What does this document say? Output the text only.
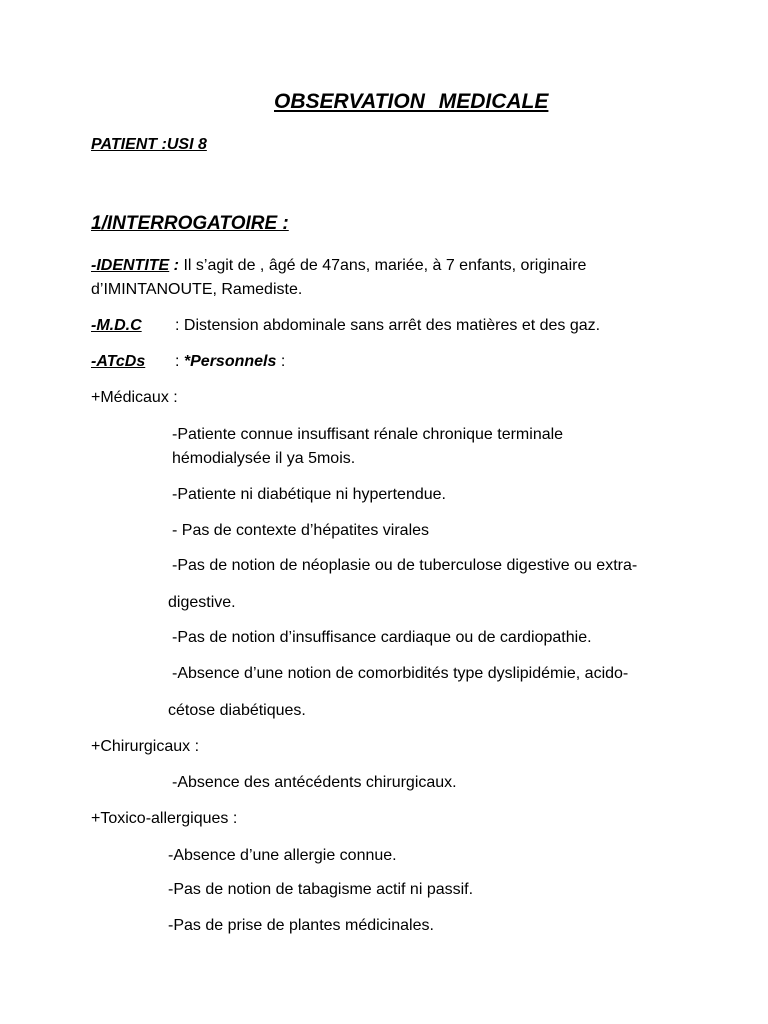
OBSERVATION MEDICALE
PATIENT :USI 8
1/INTERROGATOIRE :
-IDENTITE : Il s’agit de , âgé de 47ans, mariée, à 7 enfants, originaire
d’IMINTANOUTE, Ramediste.
-M.D.C: Distension abdominale sans arrêt des matières et des gaz.
-ATcDs: *Personnels :
+Médicaux :
-Patiente connue insuffisant rénale chronique terminale
hémodialysée il ya 5mois.
-Patiente ni diabétique ni hypertendue.
- Pas de contexte d’hépatites virales
-Pas de notion de néoplasie ou de tuberculose digestive ou extra-
digestive.
-Pas de notion d’insuffisance cardiaque ou de cardiopathie.
-Absence d’une notion de comorbidités type dyslipidémie, acido-
cétose diabétiques.
+Chirurgicaux :
-Absence des antécédents chirurgicaux.
+Toxico-allergiques :
-Absence d’une allergie connue.
-Pas de notion de tabagisme actif ni passif.
-Pas de prise de plantes médicinales.
